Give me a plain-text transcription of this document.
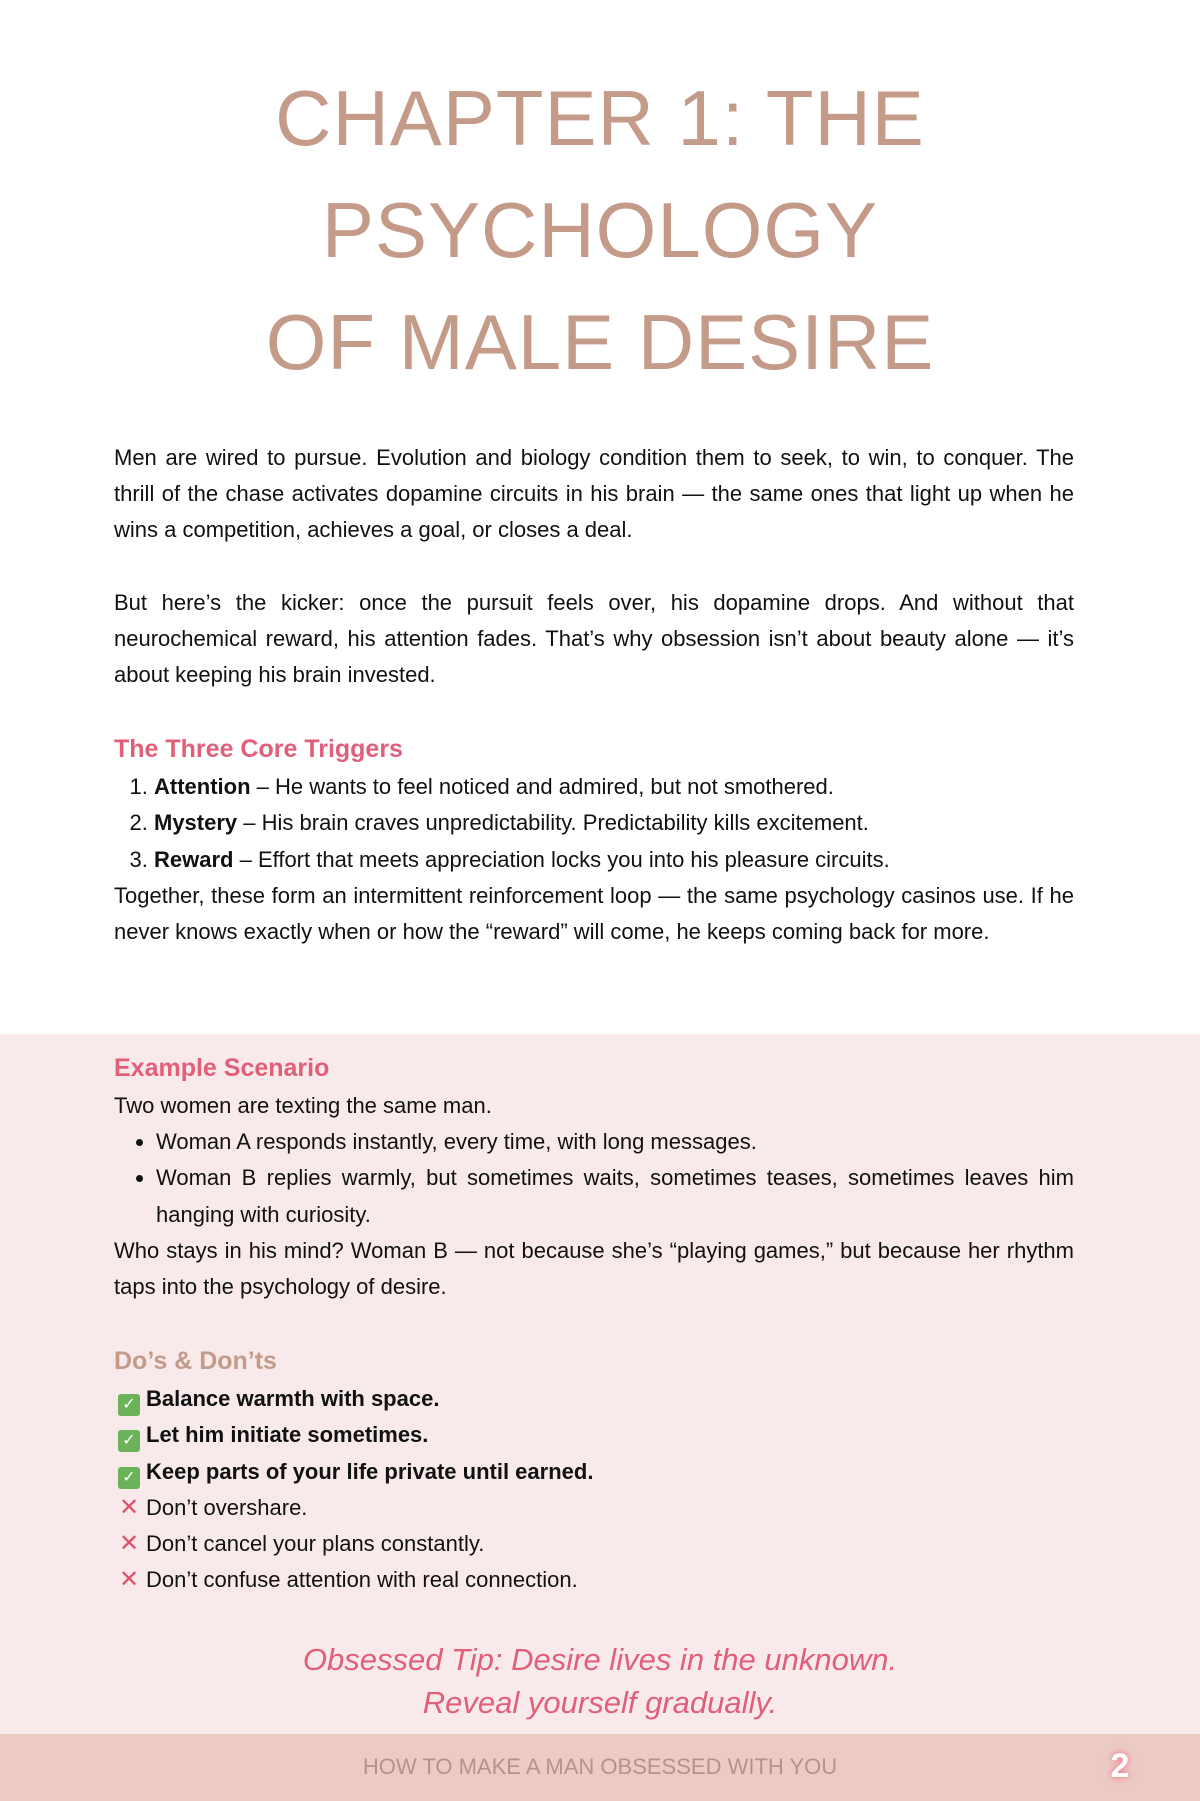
CHAPTER 1: THE PSYCHOLOGY
OF MALE DESIRE

Men are wired to pursue. Evolution and biology condition them to seek, to win, to conquer. The thrill of the chase activates dopamine circuits in his brain — the same ones that light up when he wins a competition, achieves a goal, or closes a deal.

But here’s the kicker: once the pursuit feels over, his dopamine drops. And without that neurochemical reward, his attention fades. That’s why obsession isn’t about beauty alone — it’s about keeping his brain invested.

The Three Core Triggers
1. Attention – He wants to feel noticed and admired, but not smothered.
2. Mystery – His brain craves unpredictability. Predictability kills excitement.
3. Reward – Effort that meets appreciation locks you into his pleasure circuits.
Together, these form an intermittent reinforcement loop — the same psychology casinos use. If he never knows exactly when or how the “reward” will come, he keeps coming back for more.
Example Scenario
Two women are texting the same man.
• Woman A responds instantly, every time, with long messages.
• Woman B replies warmly, but sometimes waits, sometimes teases, sometimes leaves him hanging with curiosity.
Who stays in his mind? Woman B — not because she’s “playing games,” but because her rhythm taps into the psychology of desire.
Do’s & Don’ts
✓ Balance warmth with space.
✓ Let him initiate sometimes.
✓ Keep parts of your life private until earned.
✕ Don’t overshare.
✕ Don’t cancel your plans constantly.
✕ Don’t confuse attention with real connection.
Obsessed Tip: Desire lives in the unknown.
Reveal yourself gradually.
HOW TO MAKE A MAN OBSESSED WITH YOU	2
